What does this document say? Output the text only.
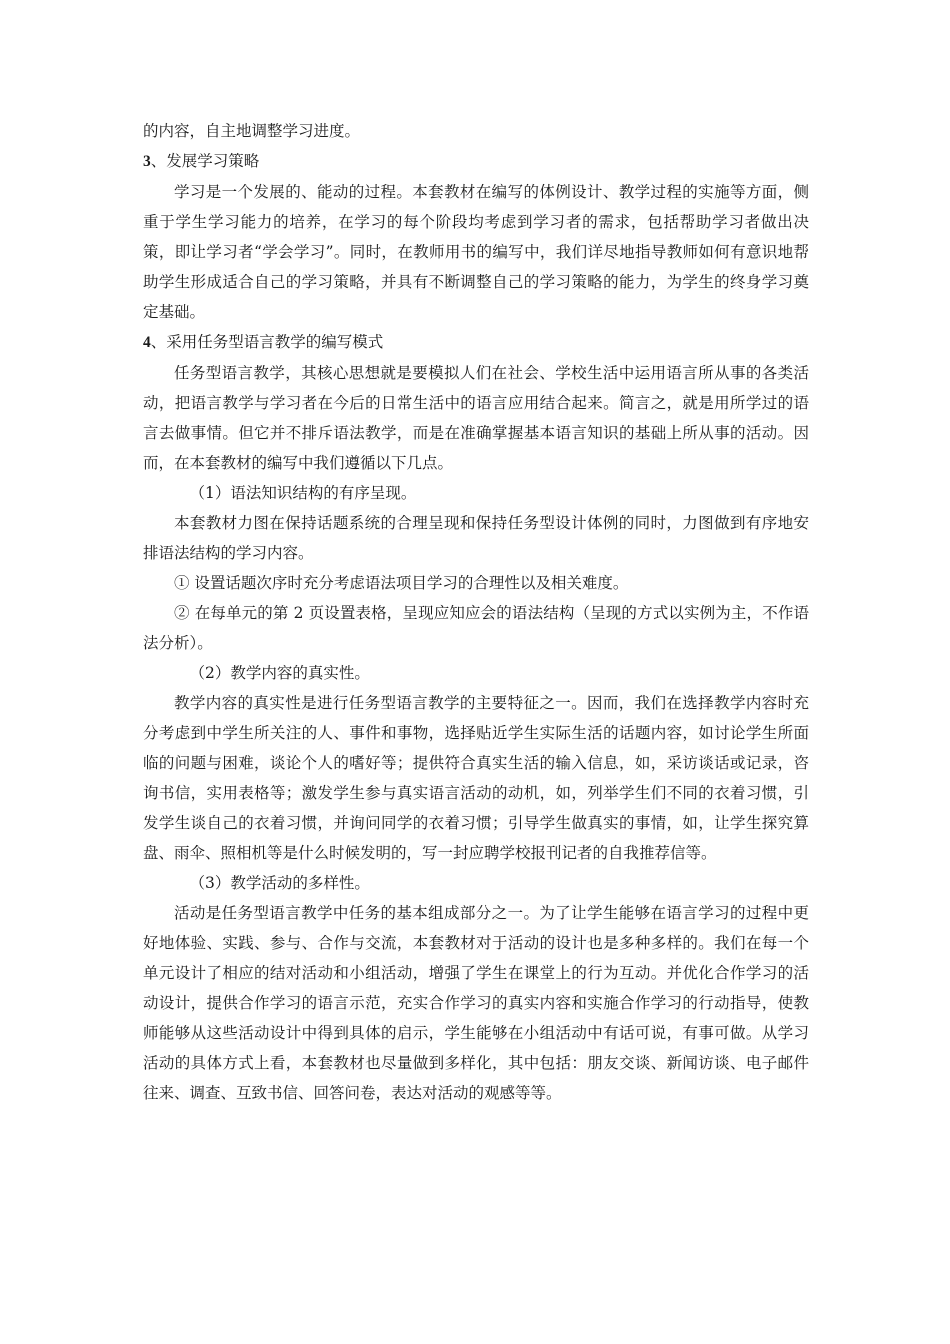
的内容，自主地调整学习进度。

3、发展学习策略

学习是一个发展的、能动的过程。本套教材在编写的体例设计、教学过程的实施等方面，侧重于学生学习能力的培养，在学习的每个阶段均考虑到学习者的需求，包括帮助学习者做出决策，即让学习者“学会学习”。同时，在教师用书的编写中，我们详尽地指导教师如何有意识地帮助学生形成适合自己的学习策略，并具有不断调整自己的学习策略的能力，为学生的终身学习奠定基础。

4、采用任务型语言教学的编写模式

任务型语言教学，其核心思想就是要模拟人们在社会、学校生活中运用语言所从事的各类活动，把语言教学与学习者在今后的日常生活中的语言应用结合起来。简言之，就是用所学过的语言去做事情。但它并不排斥语法教学，而是在准确掌握基本语言知识的基础上所从事的活动。因而，在本套教材的编写中我们遵循以下几点。

（1）语法知识结构的有序呈现。

本套教材力图在保持话题系统的合理呈现和保持任务型设计体例的同时，力图做到有序地安排语法结构的学习内容。

① 设置话题次序时充分考虑语法项目学习的合理性以及相关难度。

② 在每单元的第 2 页设置表格，呈现应知应会的语法结构（呈现的方式以实例为主，不作语法分析）。

（2）教学内容的真实性。

教学内容的真实性是进行任务型语言教学的主要特征之一。因而，我们在选择教学内容时充分考虑到中学生所关注的人、事件和事物，选择贴近学生实际生活的话题内容，如讨论学生所面临的问题与困难，谈论个人的嗜好等；提供符合真实生活的输入信息，如，采访谈话或记录，咨询书信，实用表格等；激发学生参与真实语言活动的动机，如，列举学生们不同的衣着习惯，引发学生谈自己的衣着习惯，并询问同学的衣着习惯；引导学生做真实的事情，如，让学生探究算盘、雨伞、照相机等是什么时候发明的，写一封应聘学校报刊记者的自我推荐信等。

（3）教学活动的多样性。

活动是任务型语言教学中任务的基本组成部分之一。为了让学生能够在语言学习的过程中更好地体验、实践、参与、合作与交流，本套教材对于活动的设计也是多种多样的。我们在每一个单元设计了相应的结对活动和小组活动，增强了学生在课堂上的行为互动。并优化合作学习的活动设计，提供合作学习的语言示范，充实合作学习的真实内容和实施合作学习的行动指导，使教师能够从这些活动设计中得到具体的启示，学生能够在小组活动中有话可说，有事可做。从学习活动的具体方式上看，本套教材也尽量做到多样化，其中包括：朋友交谈、新闻访谈、电子邮件往来、调查、互致书信、回答问卷，表达对活动的观感等等。
